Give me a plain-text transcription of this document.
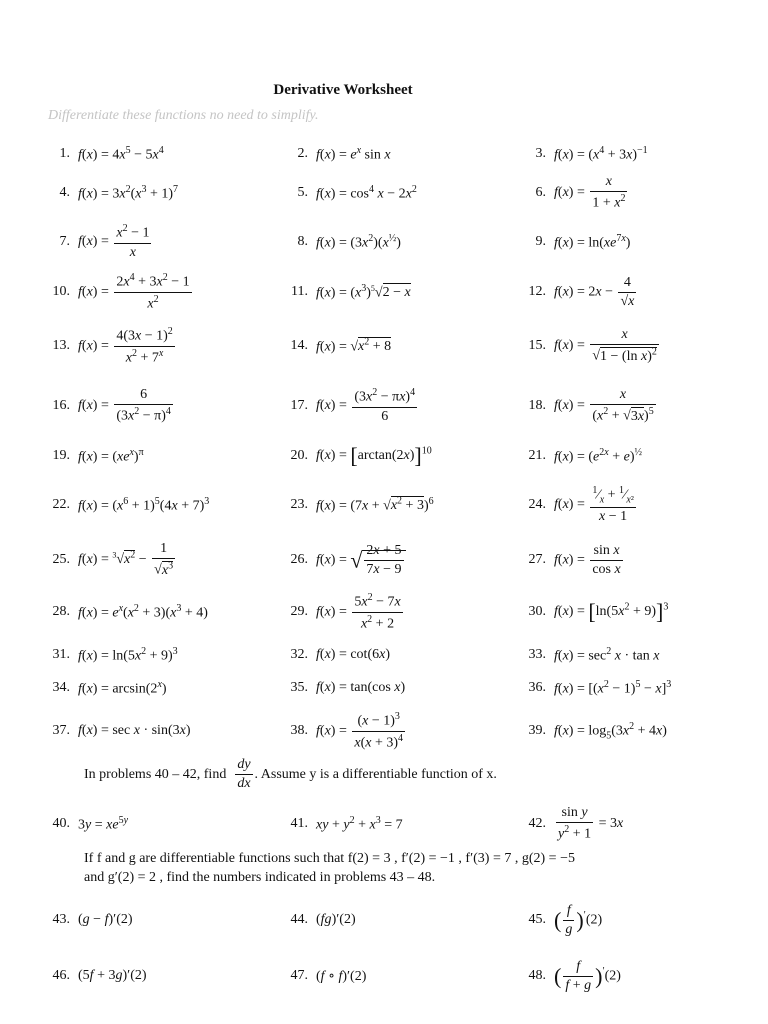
Derivative Worksheet
Differentiate these functions no need to simplify.
1. $f(x) = 4x^5 - 5x^4$	2. $f(x) = e^x$ sin x	3. $f(x) = (x^4 + 3x)^{-1}$
4. $f(x) = 3x^2(x^3 + 1)^7$	5. $f(x) = \cos^4 x - 2x^2$	6. $f(x) = \frac{x}{1 + x^2}$
7. $f(x) = \frac{x^2 - 1}{x}$	8. $f(x) = (3x^2)(x^{\frac{1}{2}})$	9. $f(x) = \ln(xe^{7x})$
10. $f(x) = \frac{2x^4 + 3x^2 - 1}{x^2}$	11. $f(x) = (x^3)^5√2 - x$	12. $f(x) = 2x - \frac{4}{√x}$
13. $f(x) = \frac{4(3x - 1)^2}{x^2 + 7^x}$	14. $f(x) = √x^2 + 8$	15. $f(x) = \frac{x}{√1 - (\ln x)^2}$
16. $f(x) = \frac{6}{(3x^2 - \pi)^4}$	17. $f(x) = \frac{(3x^2 - \pi x)^4}{6}$	18. $f(x) = \frac{x}{(x^2 + √3x)^5}$
19. $f(x) = (xe^x)^\pi$	20. $f(x) = [\arctan(2x)]^{10}$	21. $f(x) = (e^{2x} + e)^{\frac{1}{2}}$
22. $f(x) = (x^6 + 1)^5(4x + 7)^3$	23. $f(x) = (7x + √x^2 + 3)^6$	24. $f(x) = \frac{^1⁄_x + ^1⁄_{x^2}}{x - 1}$
25. $f(x) = ^3√x^2 - \frac{1}{√x^3}$	26. f(x) = √ $\frac{2x + 5}{7x - 9}$	27. $f(x) = \frac{\text{sin x}}{\text{cos x}}$
28. $f(x) = e^x(x^2 + 3)(x^3 + 4)$	29. $f(x) = \frac{5x^2 - 7x}{x^2 + 2}$	30. $f(x) = [\ln(5x^2 + 9)]^3$
31. $f(x) = \ln(5x^2 + 9)^3$	32. f(x) = cot(6x)	33. $f(x) = \sec^2 x \cdot \tan x$
34. $f(x) = \arcsin(2^x)$	35. f(x) = tan(cos x)	36. $f(x) = [(x^2 - 1)^5 - x]^3$
37. f(x) = sec x · sin(3x)	38. $f(x) = \frac{(x - 1)^3}{x(x + 3)^4}$	39. $f(x) = \log_5(3x^2 + 4x)$
In problems 40 – 42, find

dy
dx
. Assume y is a differentiable function of x.
40. $3y = xe^{5y}$	41. xy + $y^2 + x^3 = 7$	42. $\frac{\text{sin y}}{y^2 + 1} = 3x$
If f and g are differentiable functions such that f(2) = 3 , f′(2) = −1 , f′(3) = 7 , g(2) = −5
and g′(2) = 2 , find the numbers indicated in problems 43 – 48.
43. (g − f)′(2)	44. (fg)′(2)	45. ( $\frac{f}{g} )'(2)$
46. (5f + 3g)′(2)	47. (f ∘ f)′(2)	48. ( $\frac{f}{f + g} )'(2)$
